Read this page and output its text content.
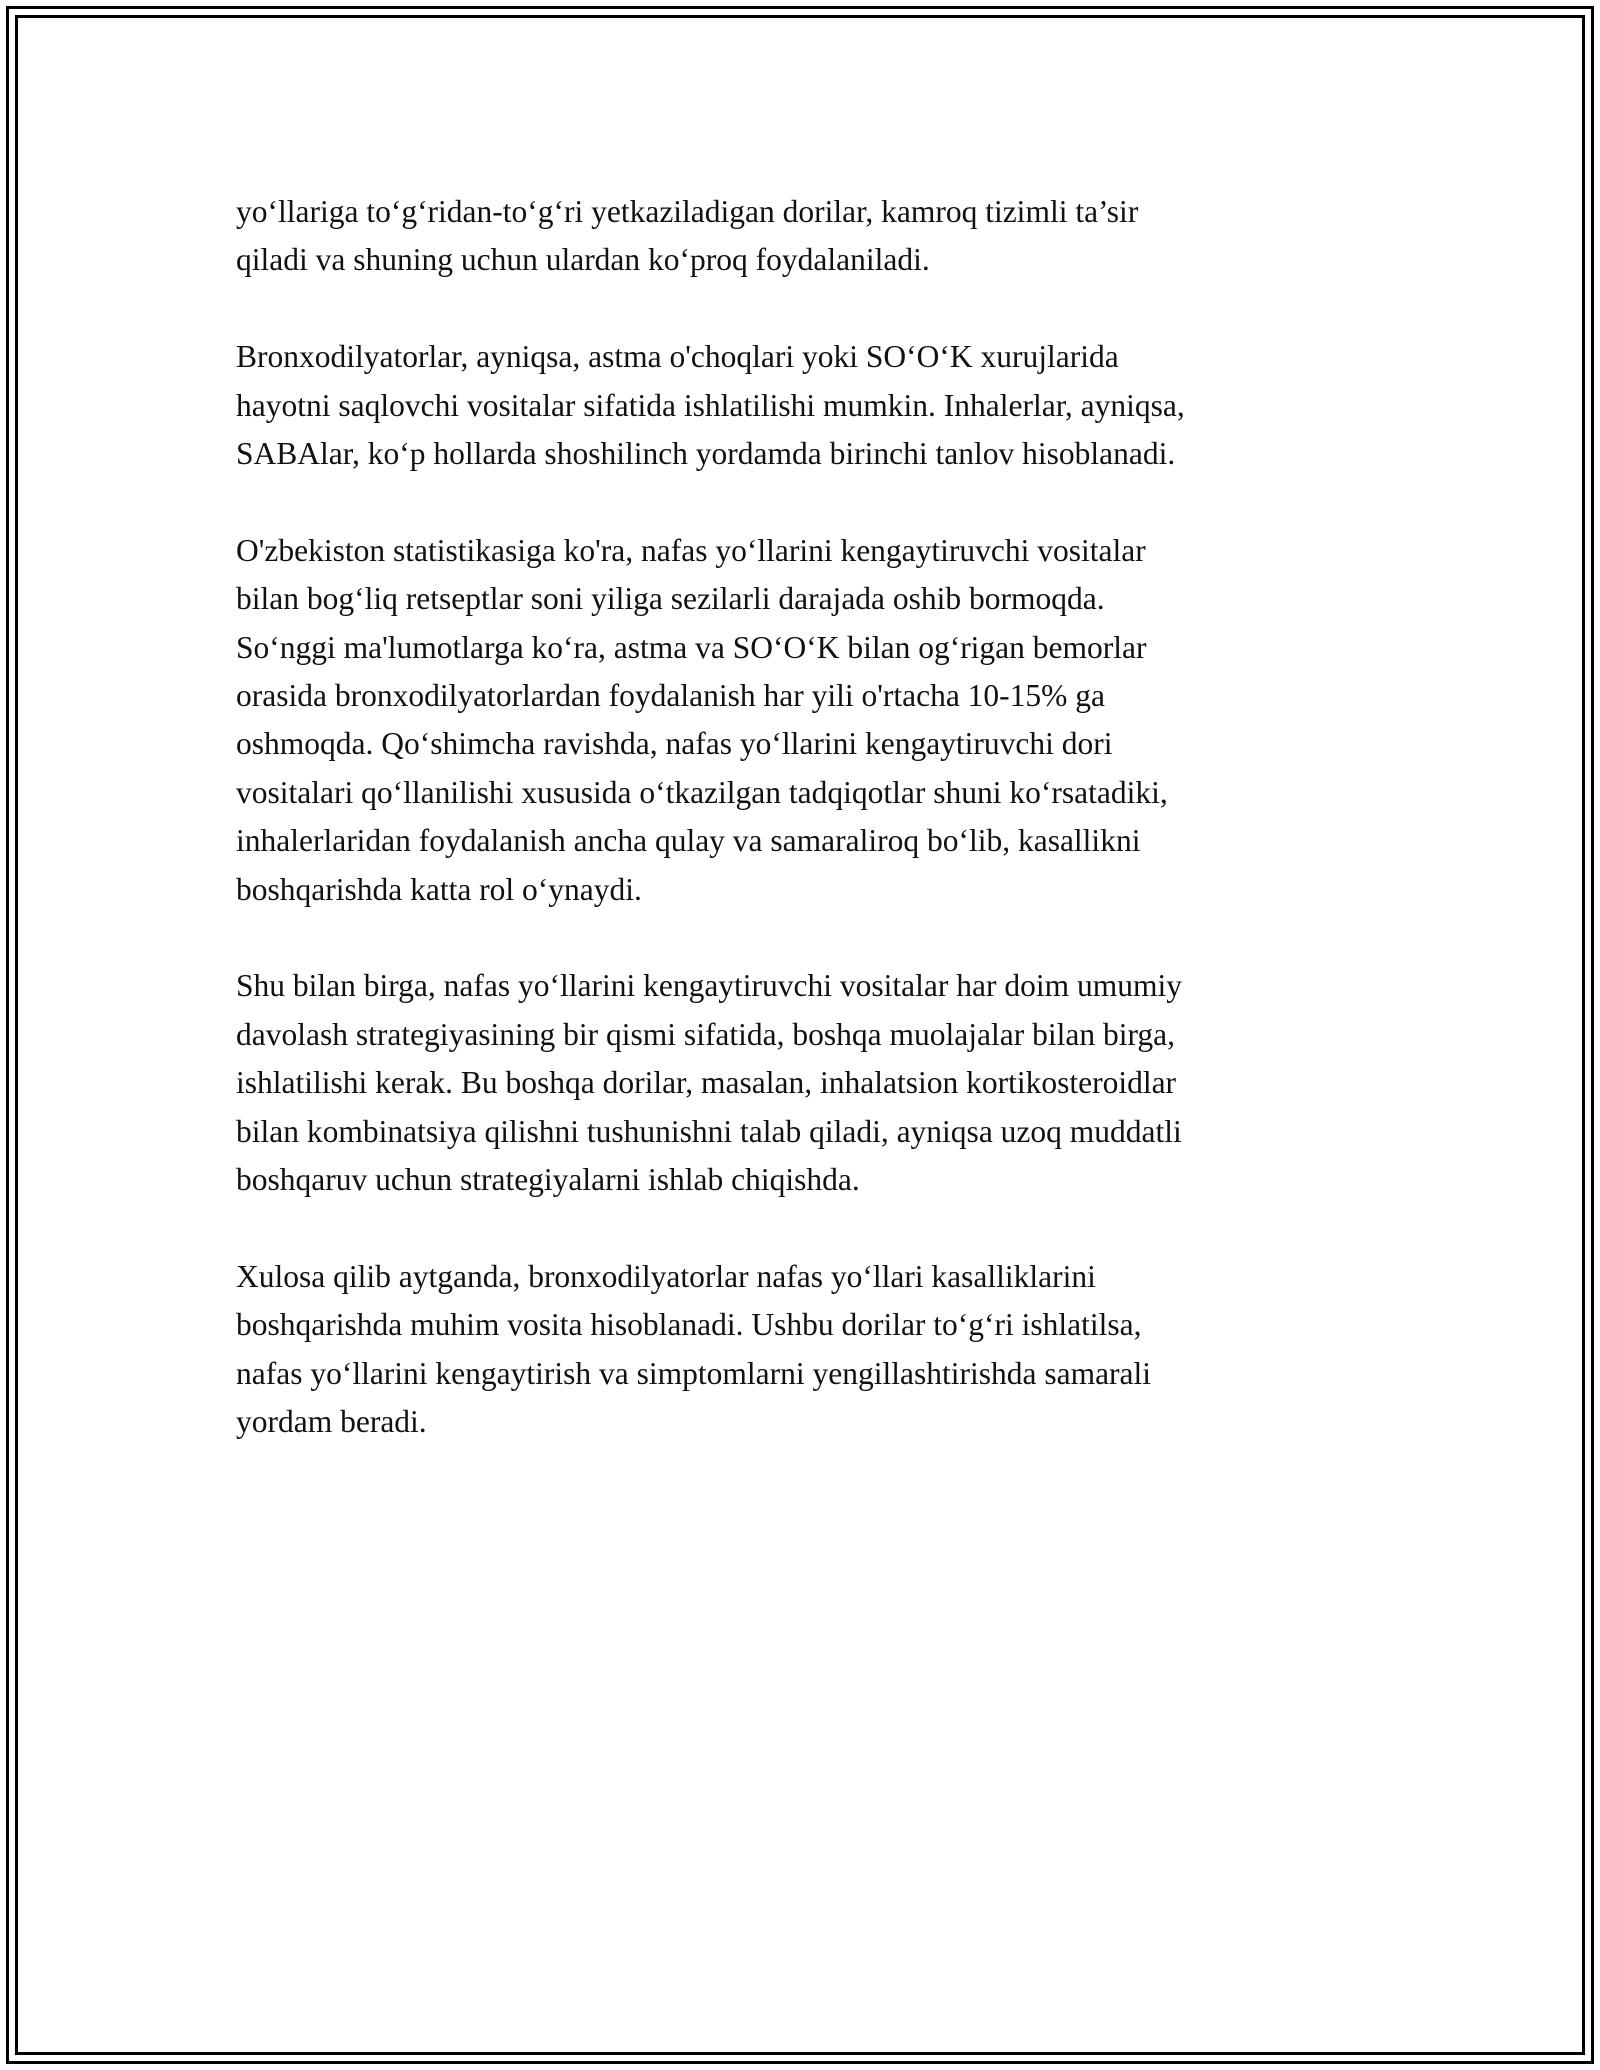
yo‘llariga to‘g‘ridan-to‘g‘ri yetkaziladigan dorilar, kamroq tizimli ta’sir
qiladi va shuning uchun ulardan ko‘proq foydalaniladi.

Bronxodilyatorlar, ayniqsa, astma o'choqlari yoki SO‘O‘K xurujlarida
hayotni saqlovchi vositalar sifatida ishlatilishi mumkin. Inhalerlar, ayniqsa,
SABAlar, ko‘p hollarda shoshilinch yordamda birinchi tanlov hisoblanadi.

O'zbekiston statistikasiga ko'ra, nafas yo‘llarini kengaytiruvchi vositalar
bilan bog‘liq retseptlar soni yiliga sezilarli darajada oshib bormoqda.
So‘nggi ma'lumotlarga ko‘ra, astma va SO‘O‘K bilan og‘rigan bemorlar
orasida bronxodilyatorlardan foydalanish har yili o'rtacha 10-15% ga
oshmoqda. Qo‘shimcha ravishda, nafas yo‘llarini kengaytiruvchi dori
vositalari qo‘llanilishi xususida o‘tkazilgan tadqiqotlar shuni ko‘rsatadiki,
inhalerlaridan foydalanish ancha qulay va samaraliroq bo‘lib, kasallikni
boshqarishda katta rol o‘ynaydi.

Shu bilan birga, nafas yo‘llarini kengaytiruvchi vositalar har doim umumiy
davolash strategiyasining bir qismi sifatida, boshqa muolajalar bilan birga,
ishlatilishi kerak. Bu boshqa dorilar, masalan, inhalatsion kortikosteroidlar
bilan kombinatsiya qilishni tushunishni talab qiladi, ayniqsa uzoq muddatli
boshqaruv uchun strategiyalarni ishlab chiqishda.

Xulosa qilib aytganda, bronxodilyatorlar nafas yo‘llari kasalliklarini
boshqarishda muhim vosita hisoblanadi. Ushbu dorilar to‘g‘ri ishlatilsa,
nafas yo‘llarini kengaytirish va simptomlarni yengillashtirishda samarali
yordam beradi.
